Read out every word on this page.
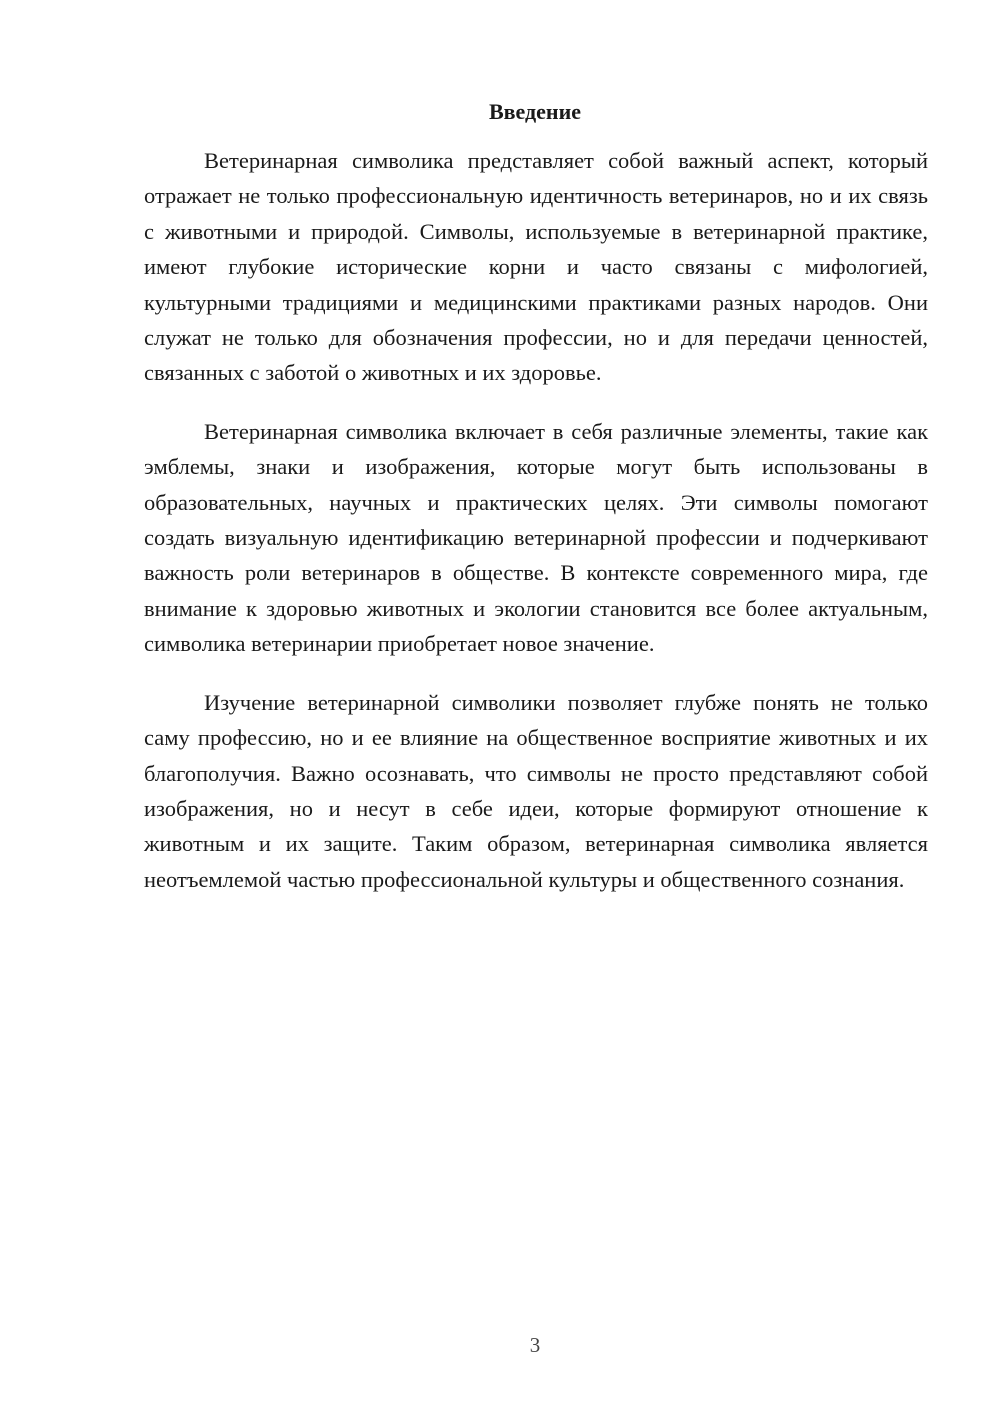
Введение

Ветеринарная символика представляет собой важный аспект, который отражает не только профессиональную идентичность ветеринаров, но и их связь с животными и природой. Символы, используемые в ветеринарной практике, имеют глубокие исторические корни и часто связаны с мифологией, культурными традициями и медицинскими практиками разных народов. Они служат не только для обозначения профессии, но и для передачи ценностей, связанных с заботой о животных и их здоровье.

Ветеринарная символика включает в себя различные элементы, такие как эмблемы, знаки и изображения, которые могут быть использованы в образовательных, научных и практических целях. Эти символы помогают создать визуальную идентификацию ветеринарной профессии и подчеркивают важность роли ветеринаров в обществе. В контексте современного мира, где внимание к здоровью животных и экологии становится все более актуальным, символика ветеринарии приобретает новое значение.

Изучение ветеринарной символики позволяет глубже понять не только саму профессию, но и ее влияние на общественное восприятие животных и их благополучия. Важно осознавать, что символы не просто представляют собой изображения, но и несут в себе идеи, которые формируют отношение к животным и их защите. Таким образом, ветеринарная символика является неотъемлемой частью профессиональной культуры и общественного сознания.

3
